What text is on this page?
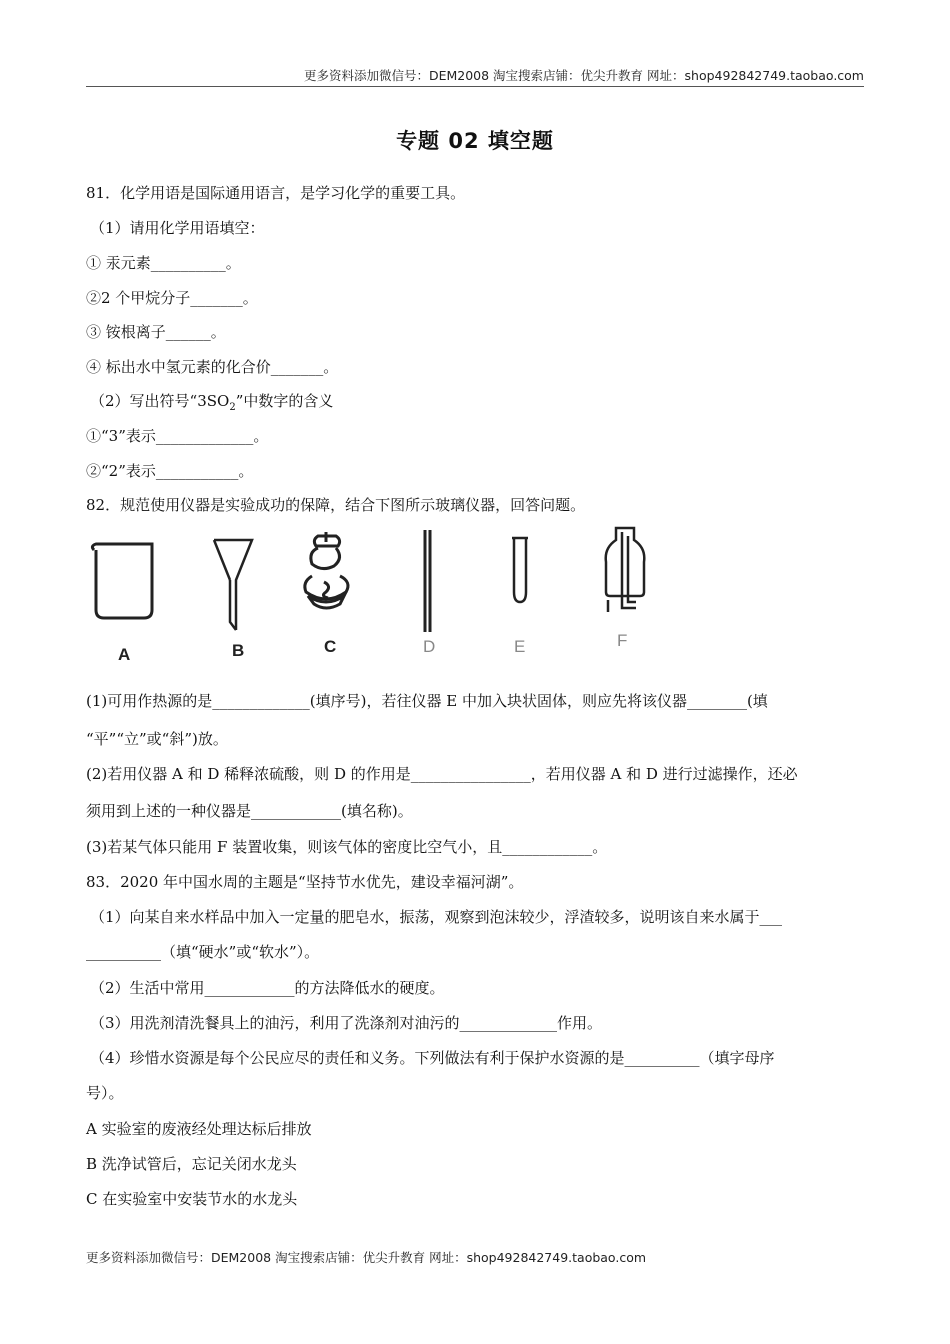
更多资料添加微信号：DEM2008 淘宝搜索店铺：优尖升教育 网址：shop492842749.taobao.com
专题 02 填空题
81．化学用语是国际通用语言，是学习化学的重要工具。
（1）请用化学用语填空：
① 汞元素__________。
②2 个甲烷分子_______。
③ 铵根离子______。
④ 标出水中氢元素的化合价_______。
（2）写出符号“$3SO_2$”中数字的含义
①“3”表示_____________。
②“2”表示___________。
82．规范使用仪器是实验成功的保障，结合下图所示玻璃仪器，回答问题。
A	B	C	D	E	F
(1)可用作热源的是_____________(填序号)，若往仪器 E 中加入块状固体，则应先将该仪器________(填
“平”“立”或“斜”)放。
(2)若用仪器 A 和 D 稀释浓硫酸，则 D 的作用是________________，若用仪器 A 和 D 进行过滤操作，还必
须用到上述的一种仪器是____________(填名称)。
(3)若某气体只能用 F 装置收集，则该气体的密度比空气小，且____________。
83．2020 年中国水周的主题是“坚持节水优先，建设幸福河湖”。
（1）向某自来水样品中加入一定量的肥皂水，振荡，观察到泡沫较少，浮渣较多，说明该自来水属于___
__________（填“硬水”或“软水”）。
（2）生活中常用____________的方法降低水的硬度。
（3）用洗剂清洗餐具上的油污，利用了洗涤剂对油污的_____________作用。
（4）珍惜水资源是每个公民应尽的责任和义务。下列做法有利于保护水资源的是__________（填字母序
号）。
A 实验室的废液经处理达标后排放
B 洗净试管后，忘记关闭水龙头
C 在实验室中安装节水的水龙头
更多资料添加微信号：DEM2008 淘宝搜索店铺：优尖升教育 网址：shop492842749.taobao.com
